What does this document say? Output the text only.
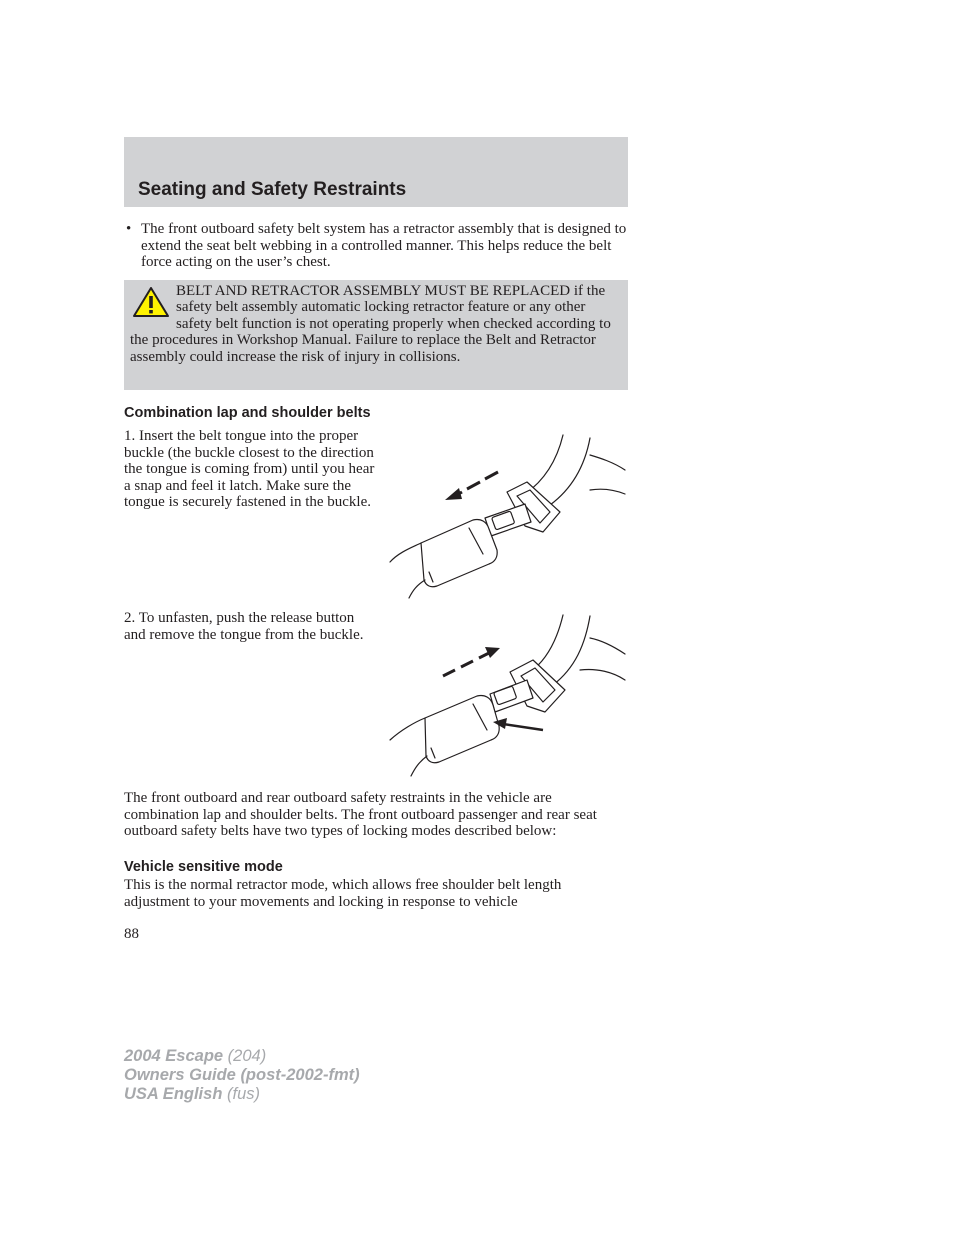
Seating and Safety Restraints
• The front outboard safety belt system has a retractor assembly that is designed to extend the seat belt webbing in a controlled manner. This helps reduce the belt force acting on the user’s chest.

BELT AND RETRACTOR ASSEMBLY MUST BE REPLACED if the safety belt assembly automatic locking retractor feature or any other safety belt function is not operating properly when checked according to the procedures in Workshop Manual. Failure to replace the Belt and Retractor assembly could increase the risk of injury in collisions.

Combination lap and shoulder belts

1. Insert the belt tongue into the proper buckle (the buckle closest to the direction the tongue is coming from) until you hear a snap and feel it latch. Make sure the tongue is securely fastened in the buckle.

2. To unfasten, push the release button and remove the tongue from the buckle.

The front outboard and rear outboard safety restraints in the vehicle are combination lap and shoulder belts. The front outboard passenger and rear seat outboard safety belts have two types of locking modes described below:

Vehicle sensitive mode

This is the normal retractor mode, which allows free shoulder belt length adjustment to your movements and locking in response to vehicle

88
2004 Escape (204)
Owners Guide (post-2002-fmt)
USA English (fus)
